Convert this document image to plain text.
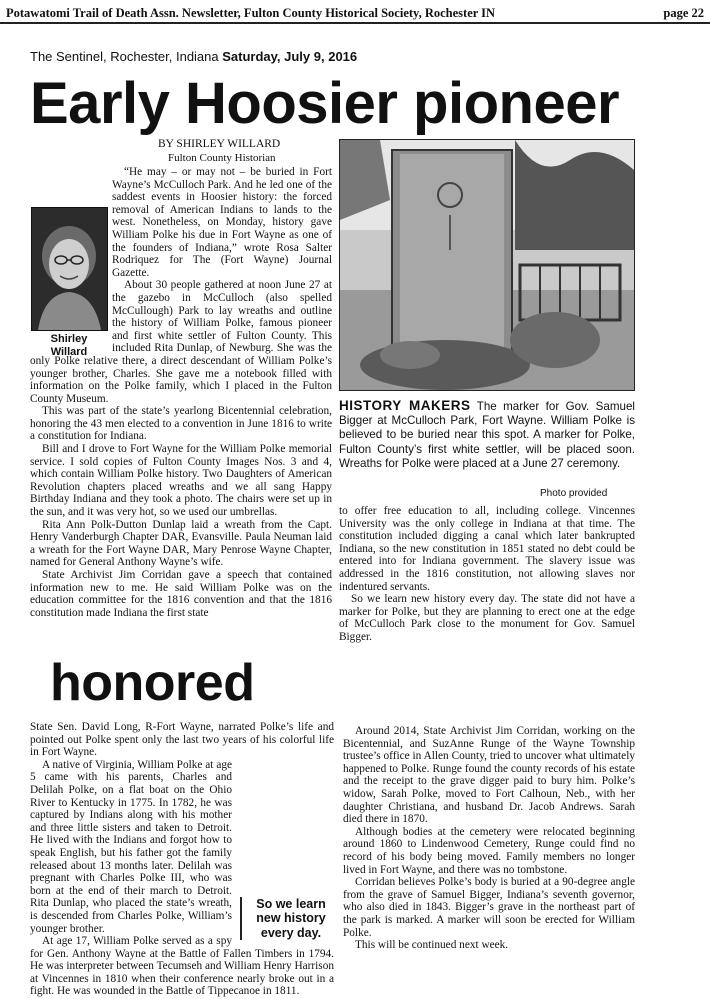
Potawatomi Trail of Death Assn. Newsletter, Fulton County Historical Society, Rochester IN	page 22
The Sentinel, Rochester, Indiana Saturday, July 9, 2016
Early Hoosier pioneer
BY SHIRLEY WILLARD
Fulton County Historian
Shirley
Willard

“He may – or may not – be buried in Fort Wayne’s McCulloch Park. And he led one of the saddest events in Hoosier history: the forced removal of American Indians to lands to the west. Nonetheless, on Monday, history gave William Polke his due in Fort Wayne as one of the founders of Indiana,” wrote Rosa Salter Rodriquez for The (Fort Wayne) Journal Gazette.

About 30 people gathered at noon June 27 at the gazebo in McCulloch (also spelled McCullough) Park to lay wreaths and outline the history of William Polke, famous pioneer and first white settler of Fulton County. This included Rita Dunlap, of Newburg. She was the only Polke relative there, a direct descendant of William Polke’s younger brother, Charles. She gave me a notebook filled with information on the Polke family, which I placed in the Fulton County Museum.

This was part of the state’s yearlong Bicentennial celebration, honoring the 43 men elected to a convention in June 1816 to write a constitution for Indiana.

Bill and I drove to Fort Wayne for the William Polke memorial service. I sold copies of Fulton County Images Nos. 3 and 4, which contain William Polke history. Two Daughters of American Revolution chapters placed wreaths and we all sang Happy Birthday Indiana and they took a photo. The chairs were set up in the sun, and it was very hot, so we used our umbrellas.

Rita Ann Polk-Dutton Dunlap laid a wreath from the Capt. Henry Vanderburgh Chapter DAR, Evansville. Paula Neuman laid a wreath for the Fort Wayne DAR, Mary Penrose Wayne Chapter, named for General Anthony Wayne’s wife.

State Archivist Jim Corridan gave a speech that contained information new to me. He said William Polke was on the education committee for the 1816 convention and that the 1816 constitution made Indiana the first state

HISTORY MAKERS The marker for Gov. Samuel Bigger at McCulloch Park, Fort Wayne. William Polke is believed to be buried near this spot. A marker for Polke, Fulton County’s first white settler, will be placed soon. Wreaths for Polke were placed at a June 27 ceremony.
Photo provided

to offer free education to all, including college. Vincennes University was the only college in Indiana at that time. The constitution included digging a canal which later bankrupted Indiana, so the new constitution in 1851 stated no debt could be entered into for Indiana government. The slavery issue was addressed in the 1816 constitution, not allowing slaves nor indentured servants.

So we learn new history every day. The state did not have a marker for Polke, but they are planning to erect one at the edge of McCulloch Park close to the monument for Gov. Samuel Bigger.

honored

State Sen. David Long, R-Fort Wayne, narrated Polke’s life and pointed out Polke spent only the last two years of his colorful life in Fort Wayne.

So we learn new history every day.
A native of Virginia, William Polke at age 5 came with his parents, Charles and Delilah Polke, on a flat boat on the Ohio River to Kentucky in 1775. In 1782, he was captured by Indians along with his mother and three little sisters and taken to Detroit. He lived with the Indians and forgot how to speak English, but his father got the family released about 13 months later. Delilah was pregnant with Charles Polke III, who was born at the end of their march to Detroit. Rita Dunlap, who placed the state’s wreath, is descended from Charles Polke, William’s younger brother.

At age 17, William Polke served as a spy for Gen. Anthony Wayne at the Battle of Fallen Timbers in 1794. He was interpreter between Tecumseh and William Henry Harrison at Vincennes in 1810 when their conference nearly broke out in a fight. He was wounded in the Battle of Tippecanoe in 1811.

Around 2014, State Archivist Jim Corridan, working on the Bicentennial, and SuzAnne Runge of the Wayne Township trustee’s office in Allen County, tried to uncover what ultimately happened to Polke. Runge found the county records of his estate and the receipt to the grave digger paid to bury him. Polke’s widow, Sarah Polke, moved to Fort Calhoun, Neb., with her daughter Christiana, and husband Dr. Jacob Andrews. Sarah died there in 1870.

Although bodies at the cemetery were relocated beginning around 1860 to Lindenwood Cemetery, Runge could find no record of his body being moved. Family members no longer lived in Fort Wayne, and there was no tombstone.

Corridan believes Polke’s body is buried at a 90-degree angle from the grave of Samuel Bigger, Indiana’s seventh governor, who also died in 1843. Bigger’s grave in the northeast part of the park is marked. A marker will soon be erected for William Polke.

This will be continued next week.
